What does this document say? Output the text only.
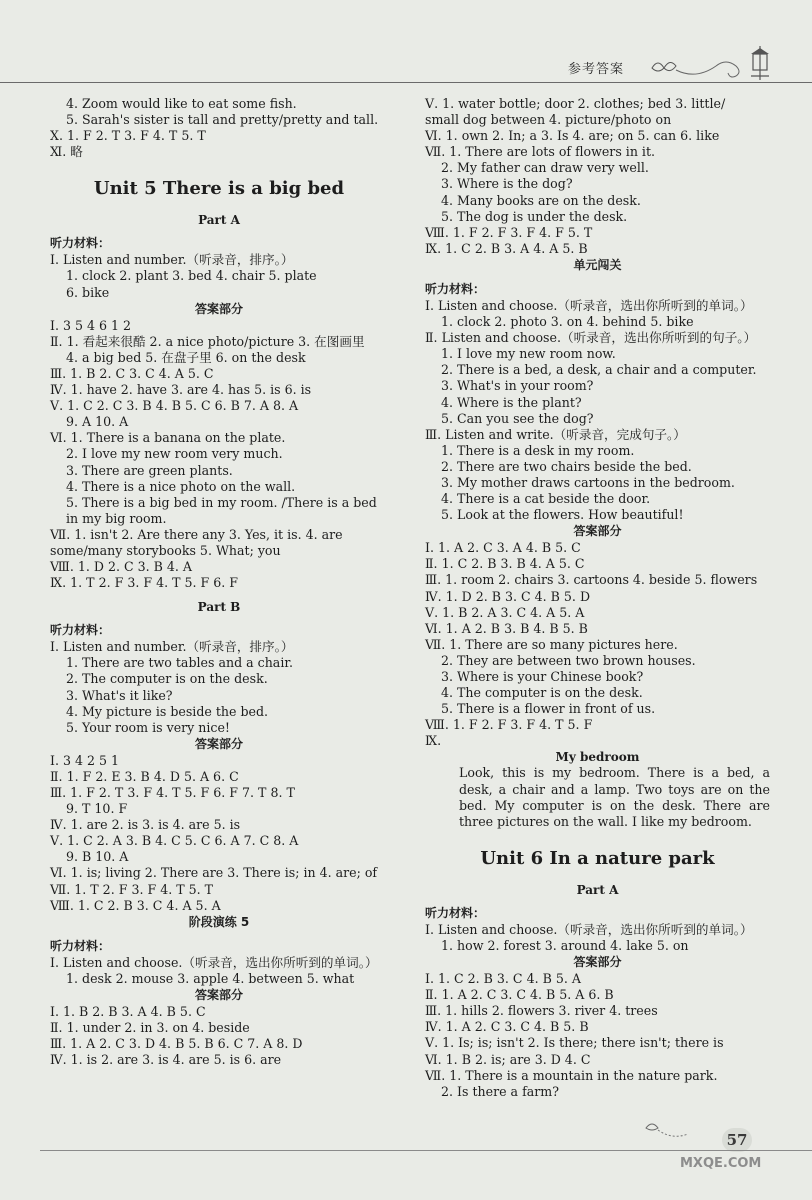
参考答案
4. Zoom would like to eat some fish.
5. Sarah's sister is tall and pretty/pretty and tall.
Ⅹ. 1. F 2. T 3. F 4. T 5. T
Ⅺ. 略
Unit 5 There is a big bed
Part A
听力材料：
Ⅰ. Listen and number.（听录音，排序。）
1. clock 2. plant 3. bed 4. chair 5. plate
6. bike
答案部分
Ⅰ. 3 5 4 6 1 2
Ⅱ. 1. 看起来很酷 2. a nice photo/picture 3. 在图画里
4. a big bed 5. 在盘子里 6. on the desk
Ⅲ. 1. B 2. C 3. C 4. A 5. C
Ⅳ. 1. have 2. have 3. are 4. has 5. is 6. is
Ⅴ. 1. C 2. C 3. B 4. B 5. C 6. B 7. A 8. A
9. A 10. A
Ⅵ. 1. There is a banana on the plate.
2. I love my new room very much.
3. There are green plants.
4. There is a nice photo on the wall.
5. There is a big bed in my room. /There is a bed
in my big room.
Ⅶ. 1. isn't 2. Are there any 3. Yes, it is. 4. are
some/many storybooks 5. What; you
Ⅷ. 1. D 2. C 3. B 4. A
Ⅸ. 1. T 2. F 3. F 4. T 5. F 6. F
Part B
听力材料：
Ⅰ. Listen and number.（听录音，排序。）
1. There are two tables and a chair.
2. The computer is on the desk.
3. What's it like?
4. My picture is beside the bed.
5. Your room is very nice!
答案部分
Ⅰ. 3 4 2 5 1
Ⅱ. 1. F 2. E 3. B 4. D 5. A 6. C
Ⅲ. 1. F 2. T 3. F 4. T 5. F 6. F 7. T 8. T
9. T 10. F
Ⅳ. 1. are 2. is 3. is 4. are 5. is
Ⅴ. 1. C 2. A 3. B 4. C 5. C 6. A 7. C 8. A
9. B 10. A
Ⅵ. 1. is; living 2. There are 3. There is; in 4. are; of
Ⅶ. 1. T 2. F 3. F 4. T 5. T
Ⅷ. 1. C 2. B 3. C 4. A 5. A
阶段演练 5
听力材料：
Ⅰ. Listen and choose.（听录音，选出你所听到的单词。）
1. desk 2. mouse 3. apple 4. between 5. what
答案部分
Ⅰ. 1. B 2. B 3. A 4. B 5. C
Ⅱ. 1. under 2. in 3. on 4. beside
Ⅲ. 1. A 2. C 3. D 4. B 5. B 6. C 7. A 8. D
Ⅳ. 1. is 2. are 3. is 4. are 5. is 6. are
Ⅴ. 1. water bottle; door 2. clothes; bed 3. little/
small dog between 4. picture/photo on
Ⅵ. 1. own 2. In; a 3. Is 4. are; on 5. can 6. like
Ⅶ. 1. There are lots of flowers in it.
2. My father can draw very well.
3. Where is the dog?
4. Many books are on the desk.
5. The dog is under the desk.
Ⅷ. 1. F 2. F 3. F 4. F 5. T
Ⅸ. 1. C 2. B 3. A 4. A 5. B
单元闯关
听力材料：
Ⅰ. Listen and choose.（听录音，选出你所听到的单词。）
1. clock 2. photo 3. on 4. behind 5. bike
Ⅱ. Listen and choose.（听录音，选出你所听到的句子。）
1. I love my new room now.
2. There is a bed, a desk, a chair and a computer.
3. What's in your room?
4. Where is the plant?
5. Can you see the dog?
Ⅲ. Listen and write.（听录音，完成句子。）
1. There is a desk in my room.
2. There are two chairs beside the bed.
3. My mother draws cartoons in the bedroom.
4. There is a cat beside the door.
5. Look at the flowers. How beautiful!
答案部分
Ⅰ. 1. A 2. C 3. A 4. B 5. C
Ⅱ. 1. C 2. B 3. B 4. A 5. C
Ⅲ. 1. room 2. chairs 3. cartoons 4. beside 5. flowers
Ⅳ. 1. D 2. B 3. C 4. B 5. D
Ⅴ. 1. B 2. A 3. C 4. A 5. A
Ⅵ. 1. A 2. B 3. B 4. B 5. B
Ⅶ. 1. There are so many pictures here.
2. They are between two brown houses.
3. Where is your Chinese book?
4. The computer is on the desk.
5. There is a flower in front of us.
Ⅷ. 1. F 2. F 3. F 4. T 5. F
Ⅸ.
My bedroom
Look, this is my bedroom. There is a bed, a desk, a chair and a lamp. Two toys are on the bed. My computer is on the desk. There are three pictures on the wall. I like my bedroom.
Unit 6 In a nature park
Part A
听力材料：
Ⅰ. Listen and choose.（听录音，选出你所听到的单词。）
1. how 2. forest 3. around 4. lake 5. on
答案部分
Ⅰ. 1. C 2. B 3. C 4. B 5. A
Ⅱ. 1. A 2. C 3. C 4. B 5. A 6. B
Ⅲ. 1. hills 2. flowers 3. river 4. trees
Ⅳ. 1. A 2. C 3. C 4. B 5. B
Ⅴ. 1. Is; is; isn't 2. Is there; there isn't; there is
Ⅵ. 1. B 2. is; are 3. D 4. C
Ⅶ. 1. There is a mountain in the nature park.
2. Is there a farm?
57
MXQE.COM
